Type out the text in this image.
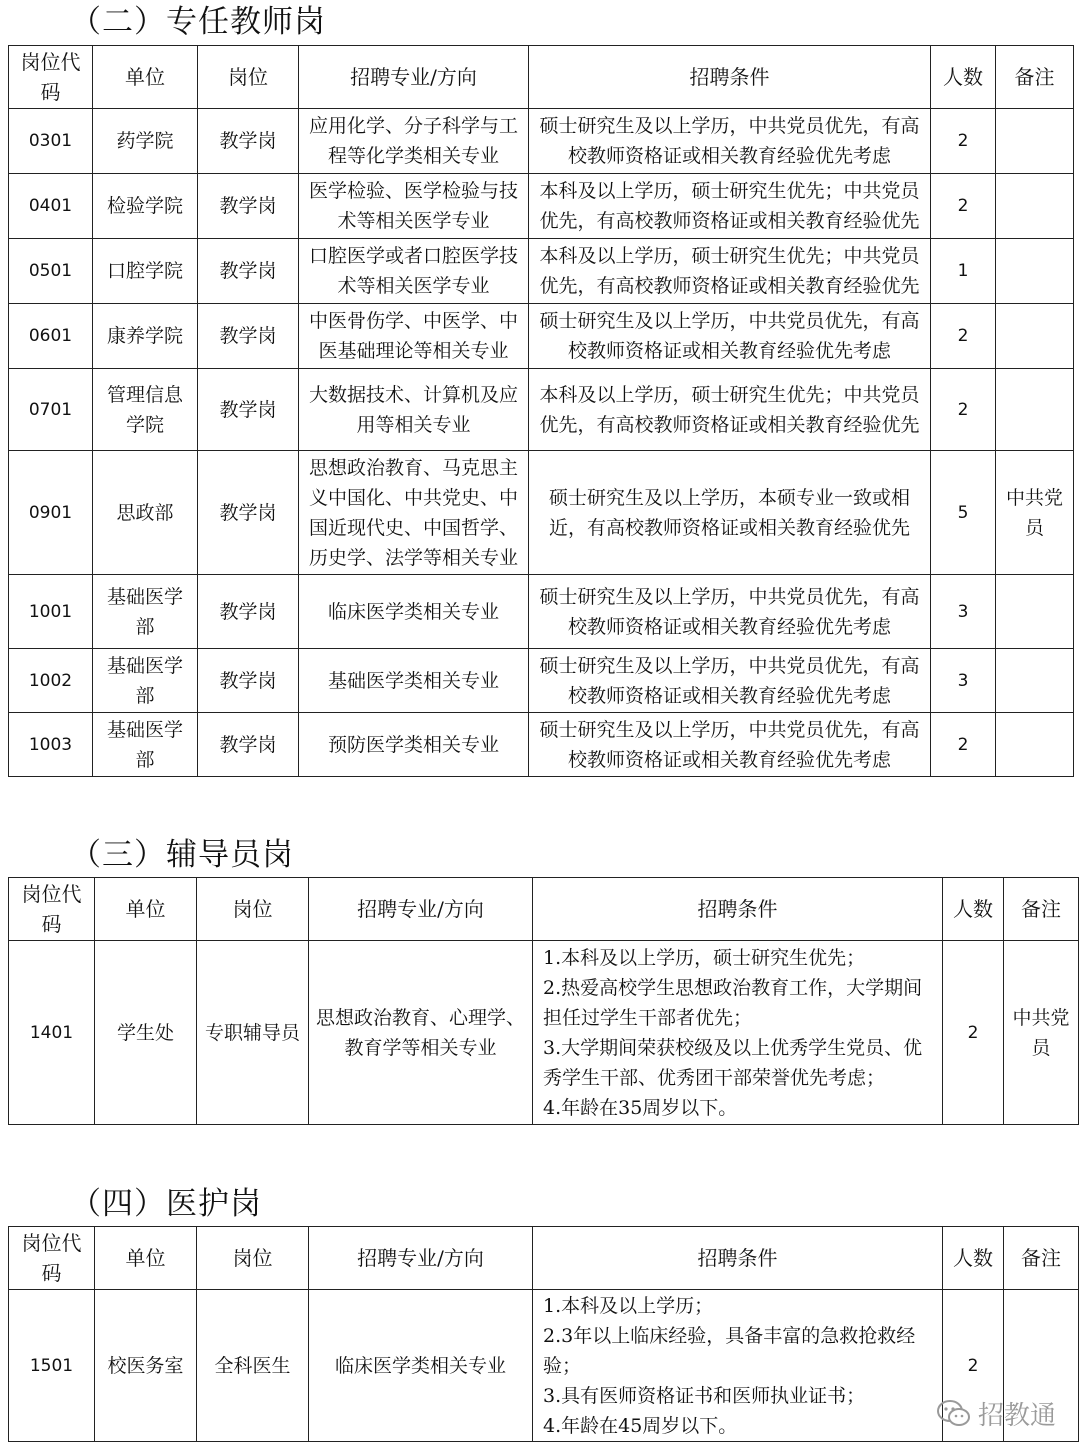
（二）专任教师岗
岗位代码	单位	岗位	招聘专业/方向	招聘条件	人数	备注
0301	药学院	教学岗	应用化学、分子科学与工程等化学类相关专业	硕士研究生及以上学历，中共党员优先，有高校教师资格证或相关教育经验优先考虑	2	
0401	检验学院	教学岗	医学检验、医学检验与技术等相关医学专业	本科及以上学历，硕士研究生优先；中共党员优先，有高校教师资格证或相关教育经验优先	2	
0501	口腔学院	教学岗	口腔医学或者口腔医学技术等相关医学专业	本科及以上学历，硕士研究生优先；中共党员优先，有高校教师资格证或相关教育经验优先	1	
0601	康养学院	教学岗	中医骨伤学、中医学、中医基础理论等相关专业	硕士研究生及以上学历，中共党员优先，有高校教师资格证或相关教育经验优先考虑	2	
0701	管理信息学院	教学岗	大数据技术、计算机及应用等相关专业	本科及以上学历，硕士研究生优先；中共党员优先，有高校教师资格证或相关教育经验优先	2	
0901	思政部	教学岗	思想政治教育、马克思主义中国化、中共党史、中国近现代史、中国哲学、历史学、法学等相关专业	硕士研究生及以上学历，本硕专业一致或相近，有高校教师资格证或相关教育经验优先	5	中共党员
1001	基础医学部	教学岗	临床医学类相关专业	硕士研究生及以上学历，中共党员优先，有高校教师资格证或相关教育经验优先考虑	3	
1002	基础医学部	教学岗	基础医学类相关专业	硕士研究生及以上学历，中共党员优先，有高校教师资格证或相关教育经验优先考虑	3	
1003	基础医学部	教学岗	预防医学类相关专业	硕士研究生及以上学历，中共党员优先，有高校教师资格证或相关教育经验优先考虑	2	
（三）辅导员岗
岗位代码	单位	岗位	招聘专业/方向	招聘条件	人数	备注
1401	学生处	专职辅导员	思想政治教育、心理学、教育学等相关专业	1.本科及以上学历，硕士研究生优先；
2.热爱高校学生思想政治教育工作，大学期间担任过学生干部者优先；
3.大学期间荣获校级及以上优秀学生党员、优秀学生干部、优秀团干部荣誉优先考虑；
4.年龄在35周岁以下。	2	中共党员
（四）医护岗
岗位代码	单位	岗位	招聘专业/方向	招聘条件	人数	备注
1501	校医务室	全科医生	临床医学类相关专业	1.本科及以上学历；
2.3年以上临床经验，具备丰富的急救抢救经验；
3.具有医师资格证书和医师执业证书；
4.年龄在45周岁以下。	2	
招教通
